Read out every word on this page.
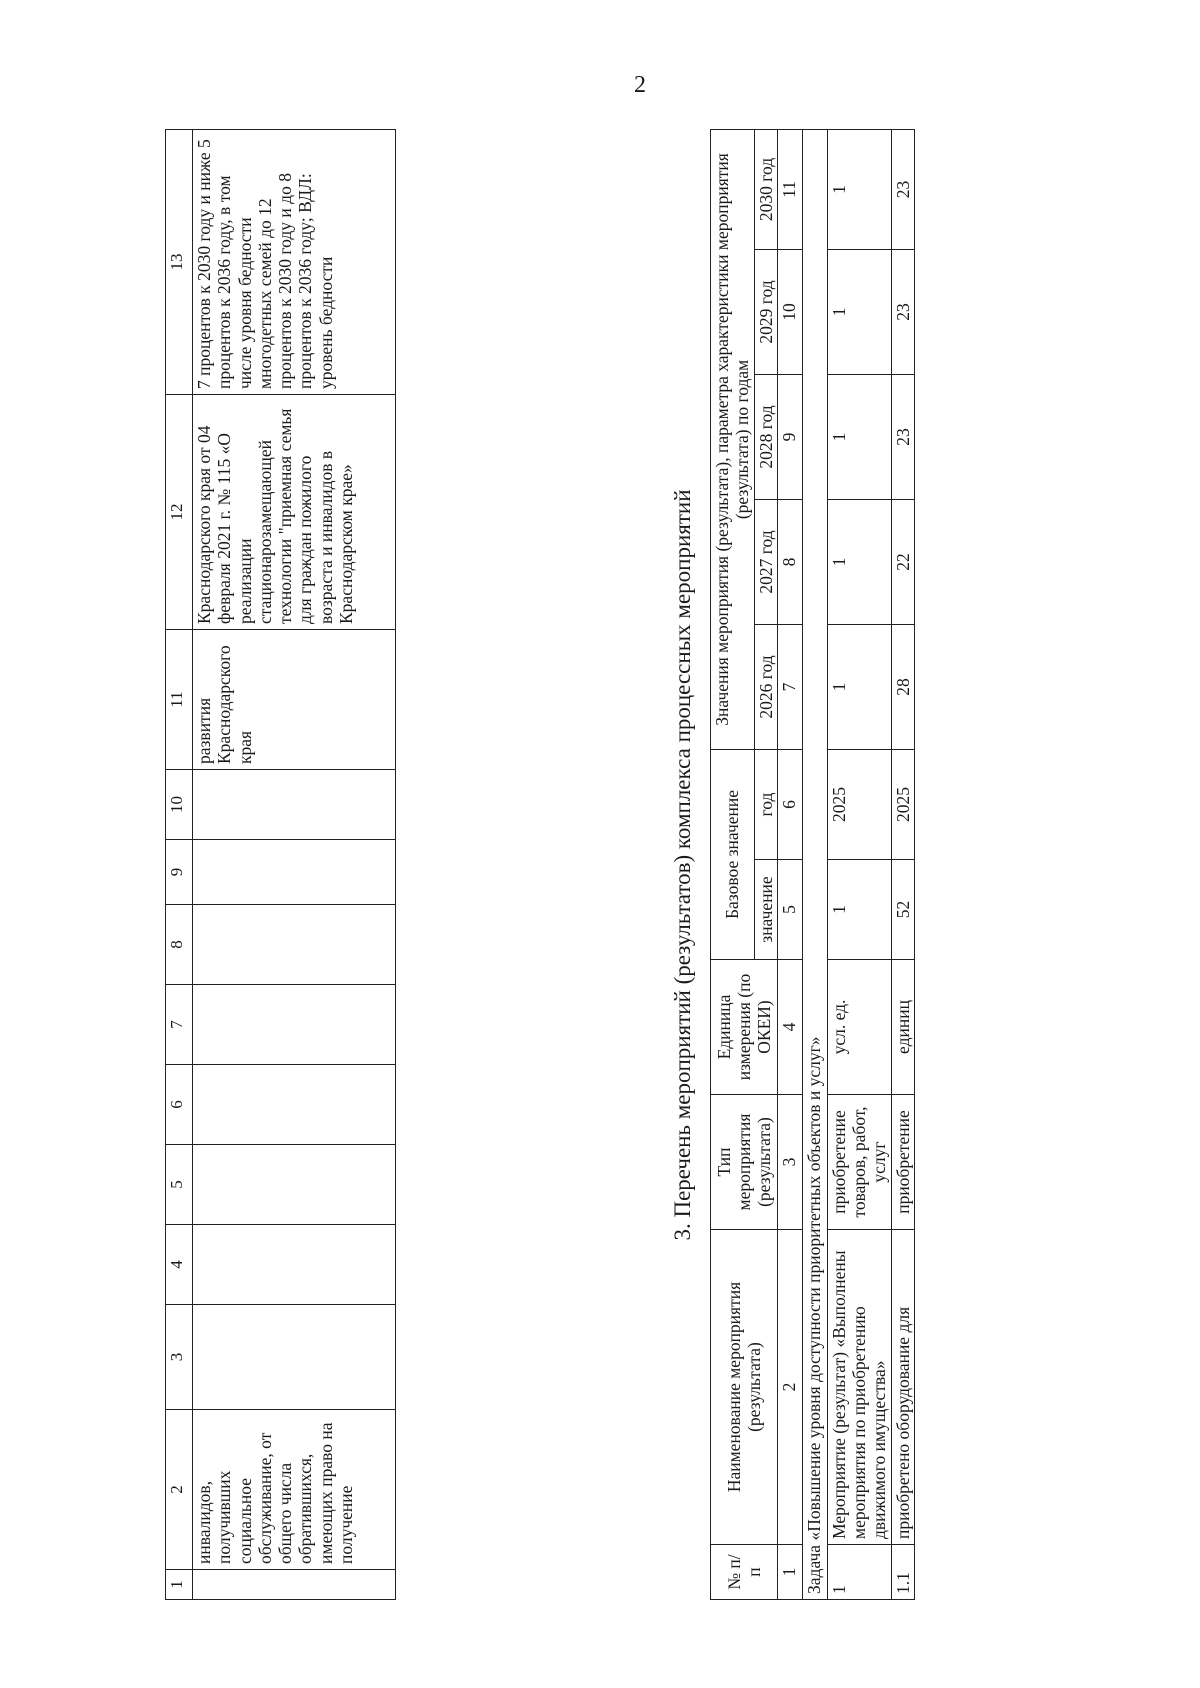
2
1	2	3	4	5	6	7	8	9	10	11	12	13
	инвалидов, получивших социальное обслуживание, от общего числа обратившихся, имеющих право на получение									развития Краснодарского края	Краснодарского края от 04 февраля 2021 г. № 115 «О реализации стационарозамещающей технологии "приемная семья для граждан пожилого возраста и инвалидов в Краснодарском крае»	7 процентов к 2030 году и ниже 5 процентов к 2036 году, в том числе уровня бедности многодетных семей до 12 процентов к 2030 году и до 8 процентов к 2036 году; ВДЛ: уровень бедности
3. Перечень мероприятий (результатов) комплекса процессных мероприятий
№ п/п	Наименование мероприятия (результата)	Тип мероприятия (результата)	Единица измерения (по ОКЕИ)	Базовое значение		Значения мероприятия (результата), параметра характеристики мероприятия (результата) по годам				
				значение	год	2026 год	2027 год	2028 год	2029 год	2030 год
1	2	3	4	5	6	7	8	9	10	11
Задача «Повышение уровня доступности приоритетных объектов и услуг»										
1	Мероприятие (результат) «Выполнены мероприятия по приобретению движимого имущества»	приобретение товаров, работ, услуг	усл. ед.	1	2025	1	1	1	1	1
1.1	приобретено оборудование для	приобретение	единиц	52	2025	28	22	23	23	23
